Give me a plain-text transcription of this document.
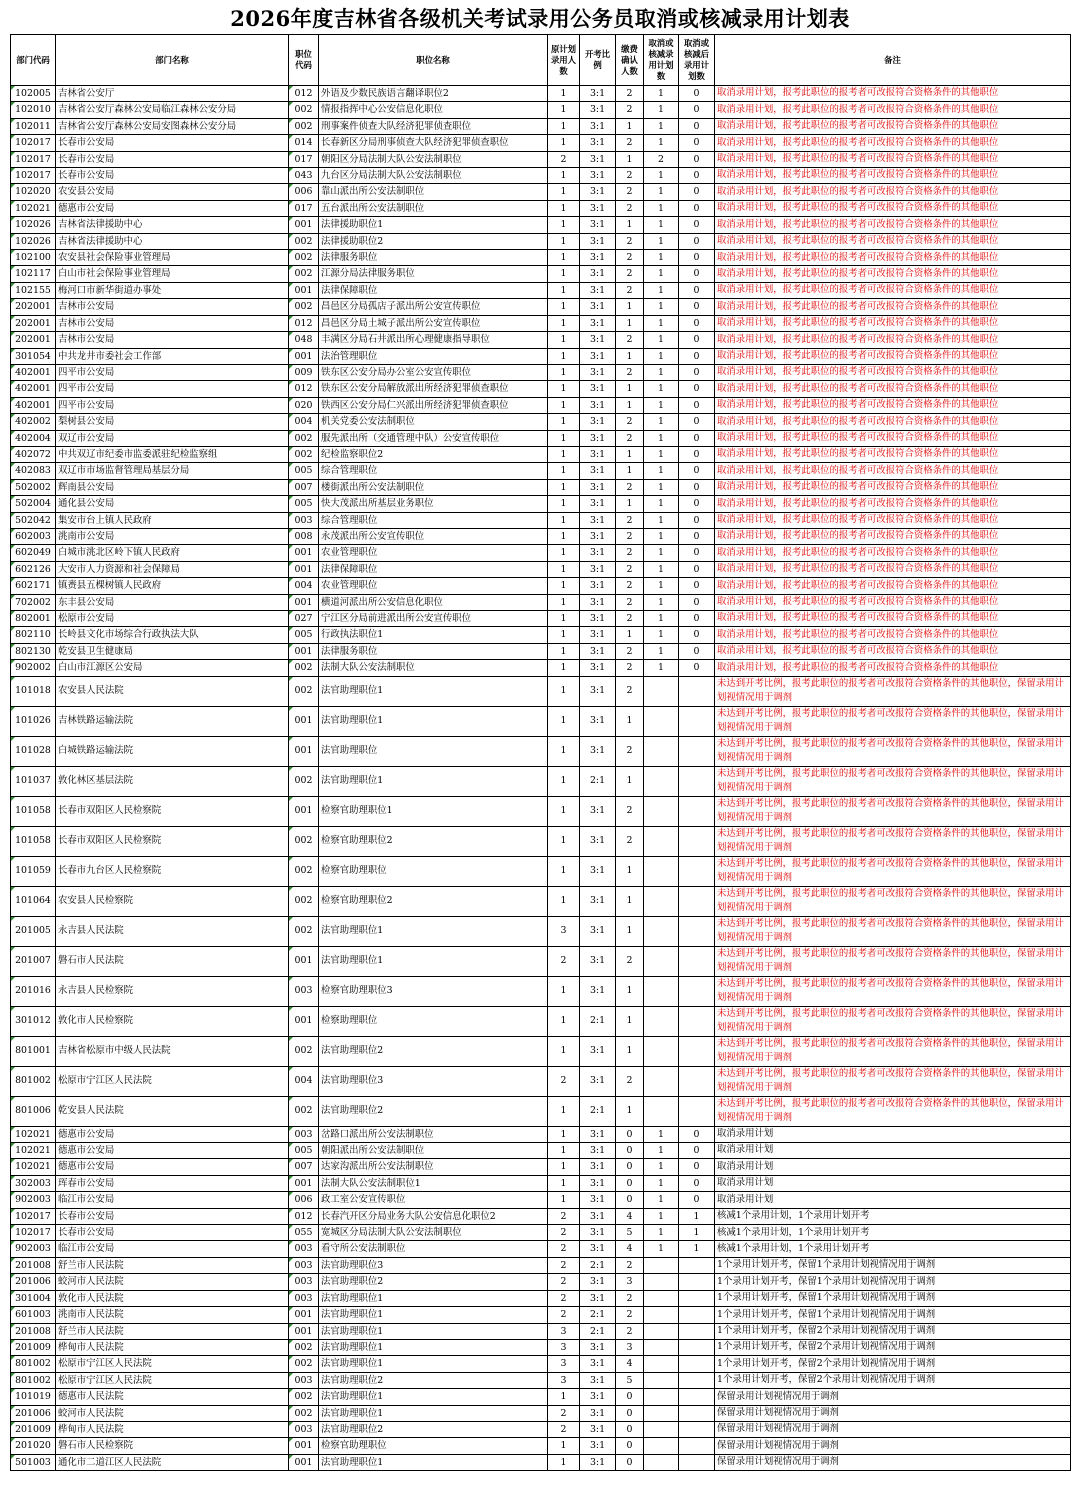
2026年度吉林省各级机关考试录用公务员取消或核减录用计划表
部门代码	部门名称	职位代码	职位名称	原计划录用人数	开考比例	缴费确认人数	取消或核减录用计划数	取消或核减后录用计划数	备注
102005	吉林省公安厅	012	外语及少数民族语言翻译职位2	1	3:1	2	1	0	取消录用计划，报考此职位的报考者可改报符合资格条件的其他职位
102010	吉林省公安厅森林公安局临江森林公安分局	002	情报指挥中心公安信息化职位	1	3:1	2	1	0	取消录用计划，报考此职位的报考者可改报符合资格条件的其他职位
102011	吉林省公安厅森林公安局安图森林公安分局	002	刑事案件侦查大队经济犯罪侦查职位	1	3:1	1	1	0	取消录用计划，报考此职位的报考者可改报符合资格条件的其他职位
102017	长春市公安局	014	长春新区分局刑事侦查大队经济犯罪侦查职位	1	3:1	2	1	0	取消录用计划，报考此职位的报考者可改报符合资格条件的其他职位
102017	长春市公安局	017	朝阳区分局法制大队公安法制职位	2	3:1	1	2	0	取消录用计划，报考此职位的报考者可改报符合资格条件的其他职位
102017	长春市公安局	043	九台区分局法制大队公安法制职位	1	3:1	2	1	0	取消录用计划，报考此职位的报考者可改报符合资格条件的其他职位
102020	农安县公安局	006	靠山派出所公安法制职位	1	3:1	2	1	0	取消录用计划，报考此职位的报考者可改报符合资格条件的其他职位
102021	德惠市公安局	017	五台派出所公安法制职位	1	3:1	2	1	0	取消录用计划，报考此职位的报考者可改报符合资格条件的其他职位
102026	吉林省法律援助中心	001	法律援助职位1	1	3:1	1	1	0	取消录用计划，报考此职位的报考者可改报符合资格条件的其他职位
102026	吉林省法律援助中心	002	法律援助职位2	1	3:1	2	1	0	取消录用计划，报考此职位的报考者可改报符合资格条件的其他职位
102100	农安县社会保险事业管理局	002	法律服务职位	1	3:1	2	1	0	取消录用计划，报考此职位的报考者可改报符合资格条件的其他职位
102117	白山市社会保险事业管理局	002	江源分局法律服务职位	1	3:1	2	1	0	取消录用计划，报考此职位的报考者可改报符合资格条件的其他职位
102155	梅河口市新华街道办事处	001	法律保障职位	1	3:1	2	1	0	取消录用计划，报考此职位的报考者可改报符合资格条件的其他职位
202001	吉林市公安局	002	昌邑区分局孤店子派出所公安宣传职位	1	3:1	1	1	0	取消录用计划，报考此职位的报考者可改报符合资格条件的其他职位
202001	吉林市公安局	012	昌邑区分局土城子派出所公安宣传职位	1	3:1	1	1	0	取消录用计划，报考此职位的报考者可改报符合资格条件的其他职位
202001	吉林市公安局	048	丰满区分局石井派出所心理健康指导职位	1	3:1	2	1	0	取消录用计划，报考此职位的报考者可改报符合资格条件的其他职位
301054	中共龙井市委社会工作部	001	法治管理职位	1	3:1	1	1	0	取消录用计划，报考此职位的报考者可改报符合资格条件的其他职位
402001	四平市公安局	009	铁东区公安分局办公室公安宣传职位	1	3:1	2	1	0	取消录用计划，报考此职位的报考者可改报符合资格条件的其他职位
402001	四平市公安局	012	铁东区公安分局解放派出所经济犯罪侦查职位	1	3:1	1	1	0	取消录用计划，报考此职位的报考者可改报符合资格条件的其他职位
402001	四平市公安局	020	铁西区公安分局仁兴派出所经济犯罪侦查职位	1	3:1	1	1	0	取消录用计划，报考此职位的报考者可改报符合资格条件的其他职位
402002	梨树县公安局	004	机关党委公安法制职位	1	3:1	2	1	0	取消录用计划，报考此职位的报考者可改报符合资格条件的其他职位
402004	双辽市公安局	002	服先派出所（交通管理中队）公安宣传职位	1	3:1	2	1	0	取消录用计划，报考此职位的报考者可改报符合资格条件的其他职位
402072	中共双辽市纪委市监委派驻纪检监察组	002	纪检监察职位2	1	3:1	1	1	0	取消录用计划，报考此职位的报考者可改报符合资格条件的其他职位
402083	双辽市市场监督管理局基层分局	005	综合管理职位	1	3:1	1	1	0	取消录用计划，报考此职位的报考者可改报符合资格条件的其他职位
502002	辉南县公安局	007	楼街派出所公安法制职位	1	3:1	2	1	0	取消录用计划，报考此职位的报考者可改报符合资格条件的其他职位
502004	通化县公安局	005	快大茂派出所基层业务职位	1	3:1	1	1	0	取消录用计划，报考此职位的报考者可改报符合资格条件的其他职位
502042	集安市台上镇人民政府	003	综合管理职位	1	3:1	2	1	0	取消录用计划，报考此职位的报考者可改报符合资格条件的其他职位
602003	洮南市公安局	008	永茂派出所公安宣传职位	1	3:1	2	1	0	取消录用计划，报考此职位的报考者可改报符合资格条件的其他职位
602049	白城市洮北区岭下镇人民政府	001	农业管理职位	1	3:1	2	1	0	取消录用计划，报考此职位的报考者可改报符合资格条件的其他职位
602126	大安市人力资源和社会保障局	001	法律保障职位	1	3:1	2	1	0	取消录用计划，报考此职位的报考者可改报符合资格条件的其他职位
602171	镇赉县五棵树镇人民政府	004	农业管理职位	1	3:1	2	1	0	取消录用计划，报考此职位的报考者可改报符合资格条件的其他职位
702002	东丰县公安局	001	横道河派出所公安信息化职位	1	3:1	2	1	0	取消录用计划，报考此职位的报考者可改报符合资格条件的其他职位
802001	松原市公安局	027	宁江区分局前进派出所公安宣传职位	1	3:1	2	1	0	取消录用计划，报考此职位的报考者可改报符合资格条件的其他职位
802110	长岭县文化市场综合行政执法大队	005	行政执法职位1	1	3:1	1	1	0	取消录用计划，报考此职位的报考者可改报符合资格条件的其他职位
802130	乾安县卫生健康局	001	法律服务职位	1	3:1	2	1	0	取消录用计划，报考此职位的报考者可改报符合资格条件的其他职位
902002	白山市江源区公安局	002	法制大队公安法制职位	1	3:1	2	1	0	取消录用计划，报考此职位的报考者可改报符合资格条件的其他职位
101018	农安县人民法院	002	法官助理职位1	1	3:1	2			未达到开考比例，报考此职位的报考者可改报符合资格条件的其他职位，保留录用计划视情况用于调剂
101026	吉林铁路运输法院	001	法官助理职位1	1	3:1	1			未达到开考比例，报考此职位的报考者可改报符合资格条件的其他职位，保留录用计划视情况用于调剂
101028	白城铁路运输法院	001	法官助理职位	1	3:1	2			未达到开考比例，报考此职位的报考者可改报符合资格条件的其他职位，保留录用计划视情况用于调剂
101037	敦化林区基层法院	002	法官助理职位1	1	2:1	1			未达到开考比例，报考此职位的报考者可改报符合资格条件的其他职位，保留录用计划视情况用于调剂
101058	长春市双阳区人民检察院	001	检察官助理职位1	1	3:1	2			未达到开考比例，报考此职位的报考者可改报符合资格条件的其他职位，保留录用计划视情况用于调剂
101058	长春市双阳区人民检察院	002	检察官助理职位2	1	3:1	2			未达到开考比例，报考此职位的报考者可改报符合资格条件的其他职位，保留录用计划视情况用于调剂
101059	长春市九台区人民检察院	002	检察官助理职位	1	3:1	1			未达到开考比例，报考此职位的报考者可改报符合资格条件的其他职位，保留录用计划视情况用于调剂
101064	农安县人民检察院	002	检察官助理职位2	1	3:1	1			未达到开考比例，报考此职位的报考者可改报符合资格条件的其他职位，保留录用计划视情况用于调剂
201005	永吉县人民法院	002	法官助理职位1	3	3:1	1			未达到开考比例，报考此职位的报考者可改报符合资格条件的其他职位，保留录用计划视情况用于调剂
201007	磐石市人民法院	001	法官助理职位1	2	3:1	2			未达到开考比例，报考此职位的报考者可改报符合资格条件的其他职位，保留录用计划视情况用于调剂
201016	永吉县人民检察院	003	检察官助理职位3	1	3:1	1			未达到开考比例，报考此职位的报考者可改报符合资格条件的其他职位，保留录用计划视情况用于调剂
301012	敦化市人民检察院	001	检察助理职位	1	2:1	1			未达到开考比例，报考此职位的报考者可改报符合资格条件的其他职位，保留录用计划视情况用于调剂
801001	吉林省松原市中级人民法院	002	法官助理职位2	1	3:1	1			未达到开考比例，报考此职位的报考者可改报符合资格条件的其他职位，保留录用计划视情况用于调剂
801002	松原市宁江区人民法院	004	法官助理职位3	2	3:1	2			未达到开考比例，报考此职位的报考者可改报符合资格条件的其他职位，保留录用计划视情况用于调剂
801006	乾安县人民法院	002	法官助理职位2	1	2:1	1			未达到开考比例，报考此职位的报考者可改报符合资格条件的其他职位，保留录用计划视情况用于调剂
102021	德惠市公安局	003	岔路口派出所公安法制职位	1	3:1	0	1	0	取消录用计划
102021	德惠市公安局	005	朝阳派出所公安法制职位	1	3:1	0	1	0	取消录用计划
102021	德惠市公安局	007	达家沟派出所公安法制职位	1	3:1	0	1	0	取消录用计划
302003	珲春市公安局	001	法制大队公安法制职位1	1	3:1	0	1	0	取消录用计划
902003	临江市公安局	006	政工室公安宣传职位	1	3:1	0	1	0	取消录用计划
102017	长春市公安局	012	长春汽开区分局业务大队公安信息化职位2	2	3:1	4	1	1	核减1个录用计划，1个录用计划开考
102017	长春市公安局	055	宽城区分局法制大队公安法制职位	2	3:1	5	1	1	核减1个录用计划，1个录用计划开考
902003	临江市公安局	003	看守所公安法制职位	2	3:1	4	1	1	核减1个录用计划，1个录用计划开考
201008	舒兰市人民法院	003	法官助理职位3	2	2:1	2			1个录用计划开考，保留1个录用计划视情况用于调剂
201006	蛟河市人民法院	003	法官助理职位2	2	3:1	3			1个录用计划开考，保留1个录用计划视情况用于调剂
301004	敦化市人民法院	003	法官助理职位1	2	3:1	2			1个录用计划开考，保留1个录用计划视情况用于调剂
601003	洮南市人民法院	001	法官助理职位1	2	2:1	2			1个录用计划开考，保留1个录用计划视情况用于调剂
201008	舒兰市人民法院	001	法官助理职位1	3	2:1	2			1个录用计划开考，保留2个录用计划视情况用于调剂
201009	桦甸市人民法院	002	法官助理职位1	3	3:1	3			1个录用计划开考，保留2个录用计划视情况用于调剂
801002	松原市宁江区人民法院	002	法官助理职位1	3	3:1	4			1个录用计划开考，保留2个录用计划视情况用于调剂
801002	松原市宁江区人民法院	003	法官助理职位2	3	3:1	5			1个录用计划开考，保留2个录用计划视情况用于调剂
101019	德惠市人民法院	002	法官助理职位1	1	3:1	0			保留录用计划视情况用于调剂
201006	蛟河市人民法院	002	法官助理职位1	2	3:1	0			保留录用计划视情况用于调剂
201009	桦甸市人民法院	003	法官助理职位2	2	3:1	0			保留录用计划视情况用于调剂
201020	磐石市人民检察院	001	检察官助理职位	1	3:1	0			保留录用计划视情况用于调剂
501003	通化市二道江区人民法院	001	法官助理职位1	1	3:1	0			保留录用计划视情况用于调剂
